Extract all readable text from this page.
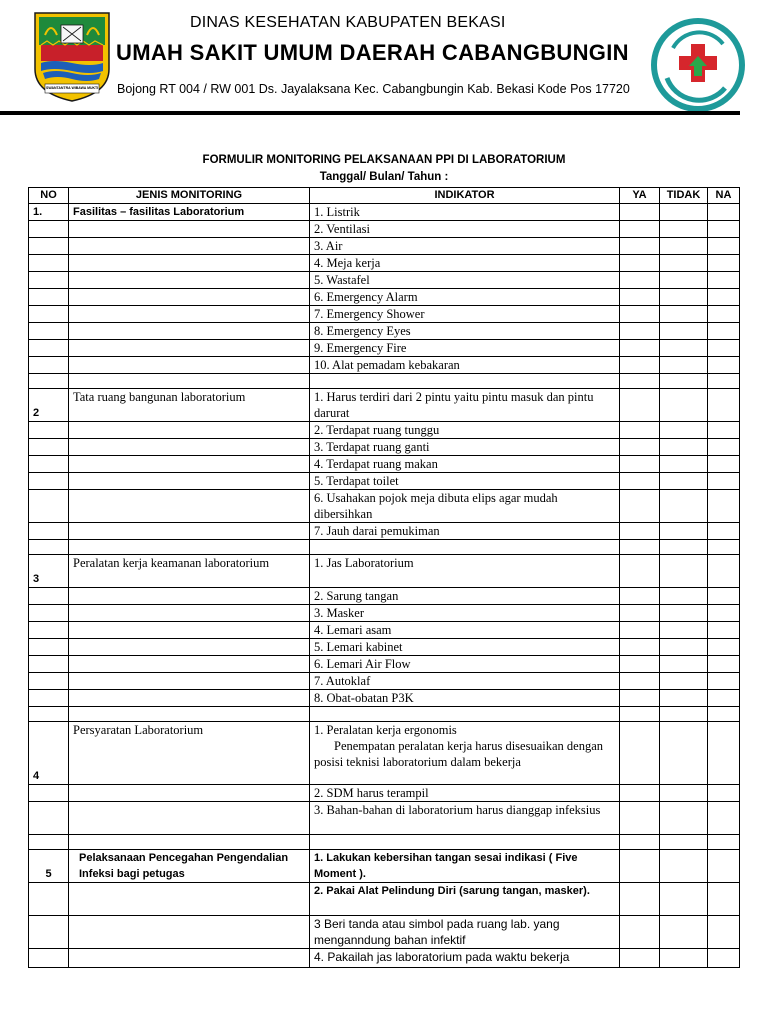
SWANTANTRA WIBAWA MUKTI
DINAS KESEHATAN KABUPATEN BEKASI
UMAH SAKIT UMUM DAERAH CABANGBUNGIN
Bojong RT 004 / RW 001 Ds. Jayalaksana Kec. Cabangbungin Kab. Bekasi Kode Pos 17720
FORMULIR MONITORING PELAKSANAAN PPI DI LABORATORIUM
Tanggal/ Bulan/ Tahun :
NO	JENIS MONITORING	INDIKATOR	YA	TIDAK	NA
1.	Fasilitas – fasilitas Laboratorium	1. Listrik			
		2. Ventilasi			
		3. Air			
		4. Meja kerja			
		5. Wastafel			
		6. Emergency Alarm			
		7. Emergency Shower			
		8. Emergency Eyes			
		9. Emergency Fire			
		10. Alat pemadam kebakaran			

2	Tata ruang bangunan laboratorium	1. Harus terdiri dari 2 pintu yaitu pintu masuk dan pintu darurat			
		2. Terdapat ruang tunggu			
		3. Terdapat ruang ganti			
		4. Terdapat ruang makan			
		5. Terdapat toilet			
		6. Usahakan pojok meja dibuta elips agar mudah dibersihkan			
		7. Jauh darai pemukiman			

3	Peralatan kerja keamanan laboratorium	1. Jas Laboratorium			
		2. Sarung tangan			
		3. Masker			
		4. Lemari asam			
		5. Lemari kabinet			
		6. Lemari Air Flow			
		7. Autoklaf			
		8. Obat-obatan P3K			

4	Persyaratan Laboratorium	1. Peralatan kerja ergonomis
Penempatan peralatan kerja harus disesuaikan dengan posisi teknisi laboratorium dalam bekerja			

		2. SDM harus terampil			
		3. Bahan-bahan di laboratorium harus dianggap infeksius			

5	Pelaksanaan Pencegahan Pengendalian Infeksi bagi petugas	1. Lakukan kebersihan tangan sesai indikasi ( Five Moment ).			
		2. Pakai Alat Pelindung Diri (sarung tangan, masker).			
		3 Beri tanda atau simbol pada ruang lab. yang menganndung bahan infektif			
		4. Pakailah jas laboratorium pada waktu bekerja			
